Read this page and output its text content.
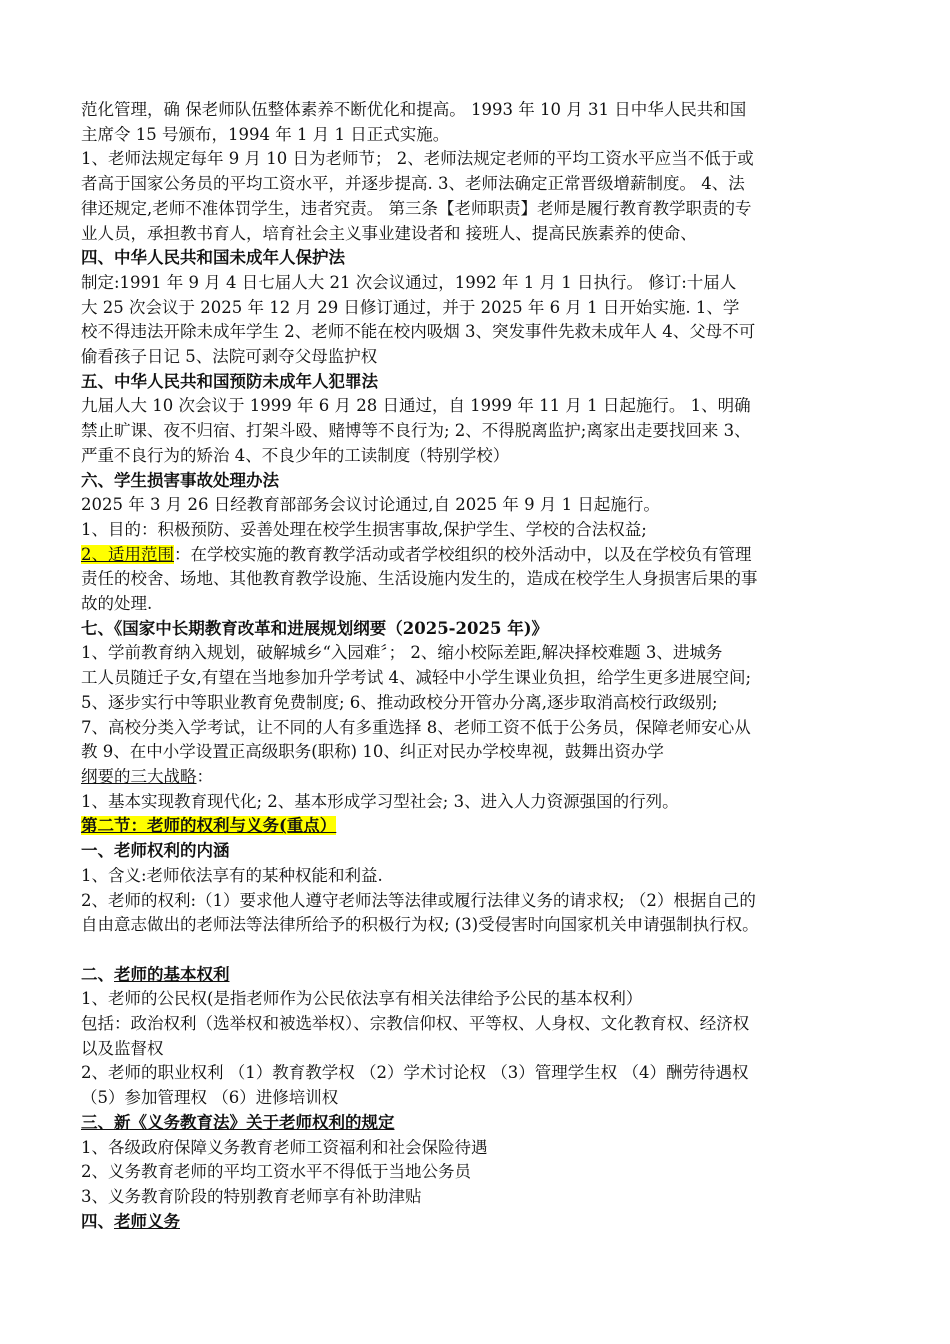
范化管理，确 保老师队伍整体素养不断优化和提高。 1993 年 10 月 31 日中华人民共和国
主席令 15 号颁布，1994 年 1 月 1 日正式实施。
1、老师法规定每年 9 月 10 日为老师节； 2、老师法规定老师的平均工资水平应当不低于或
者高于国家公务员的平均工资水平，并逐步提高. 3、老师法确定正常晋级增薪制度。 4、法
律还规定,老师不准体罚学生，违者究责。 第三条【老师职责】老师是履行教育教学职责的专
业人员，承担教书育人，培育社会主义事业建设者和 接班人、提高民族素养的使命、
四、中华人民共和国未成年人保护法
制定:1991 年 9 月 4 日七届人大 21 次会议通过，1992 年 1 月 1 日执行。 修订:十届人
大 25 次会议于 2025 年 12 月 29 日修订通过，并于 2025 年 6 月 1 日开始实施. 1、学
校不得违法开除未成年学生 2、老师不能在校内吸烟 3、突发事件先救未成年人 4、父母不可
偷看孩子日记 5、法院可剥夺父母监护权
五、中华人民共和国预防未成年人犯罪法
九届人大 10 次会议于 1999 年 6 月 28 日通过，自 1999 年 11 月 1 日起施行。 1、明确
禁止旷课、夜不归宿、打架斗殴、赌博等不良行为; 2、不得脱离监护;离家出走要找回来 3、
严重不良行为的矫治 4、不良少年的工读制度（特别学校）
六、学生损害事故处理办法
2025 年 3 月 26 日经教育部部务会议讨论通过,自 2025 年 9 月 1 日起施行。
1、目的：积极预防、妥善处理在校学生损害事故,保护学生、学校的合法权益;
2、适用范围：在学校实施的教育教学活动或者学校组织的校外活动中，以及在学校负有管理
责任的校舍、场地、其他教育教学设施、生活设施内发生的，造成在校学生人身损害后果的事
故的处理.
七、《国家中长期教育改革和进展规划纲要（2025-2025 年)》
1、学前教育纳入规划，破解城乡“入园难〞； 2、缩小校际差距,解决择校难题 3、进城务
工人员随迁子女,有望在当地参加升学考试 4、减轻中小学生课业负担，给学生更多进展空间;
5、逐步实行中等职业教育免费制度; 6、推动政校分开管办分离,逐步取消高校行政级别;
7、高校分类入学考试，让不同的人有多重选择 8、老师工资不低于公务员，保障老师安心从
教 9、在中小学设置正高级职务(职称) 10、纠正对民办学校卑视，鼓舞出资办学
纲要的三大战略：
1、基本实现教育现代化; 2、基本形成学习型社会; 3、进入人力资源强国的行列。
第二节：老师的权利与义务(重点）
一、老师权利的内涵
1、含义:老师依法享有的某种权能和利益.
2、老师的权利:（1）要求他人遵守老师法等法律或履行法律义务的请求权; （2）根据自己的
自由意志做出的老师法等法律所给予的积极行为权; (3)受侵害时向国家机关申请强制执行权。
二、老师的基本权利
1、老师的公民权(是指老师作为公民依法享有相关法律给予公民的基本权利）
包括：政治权利（选举权和被选举权）、宗教信仰权、平等权、人身权、文化教育权、经济权
以及监督权
2、老师的职业权利 （1）教育教学权 （2）学术讨论权 （3）管理学生权 （4）酬劳待遇权
（5）参加管理权 （6）进修培训权
三、新《义务教育法》关于老师权利的规定
1、各级政府保障义务教育老师工资福利和社会保险待遇
2、义务教育老师的平均工资水平不得低于当地公务员
3、义务教育阶段的特别教育老师享有补助津贴
四、老师义务
